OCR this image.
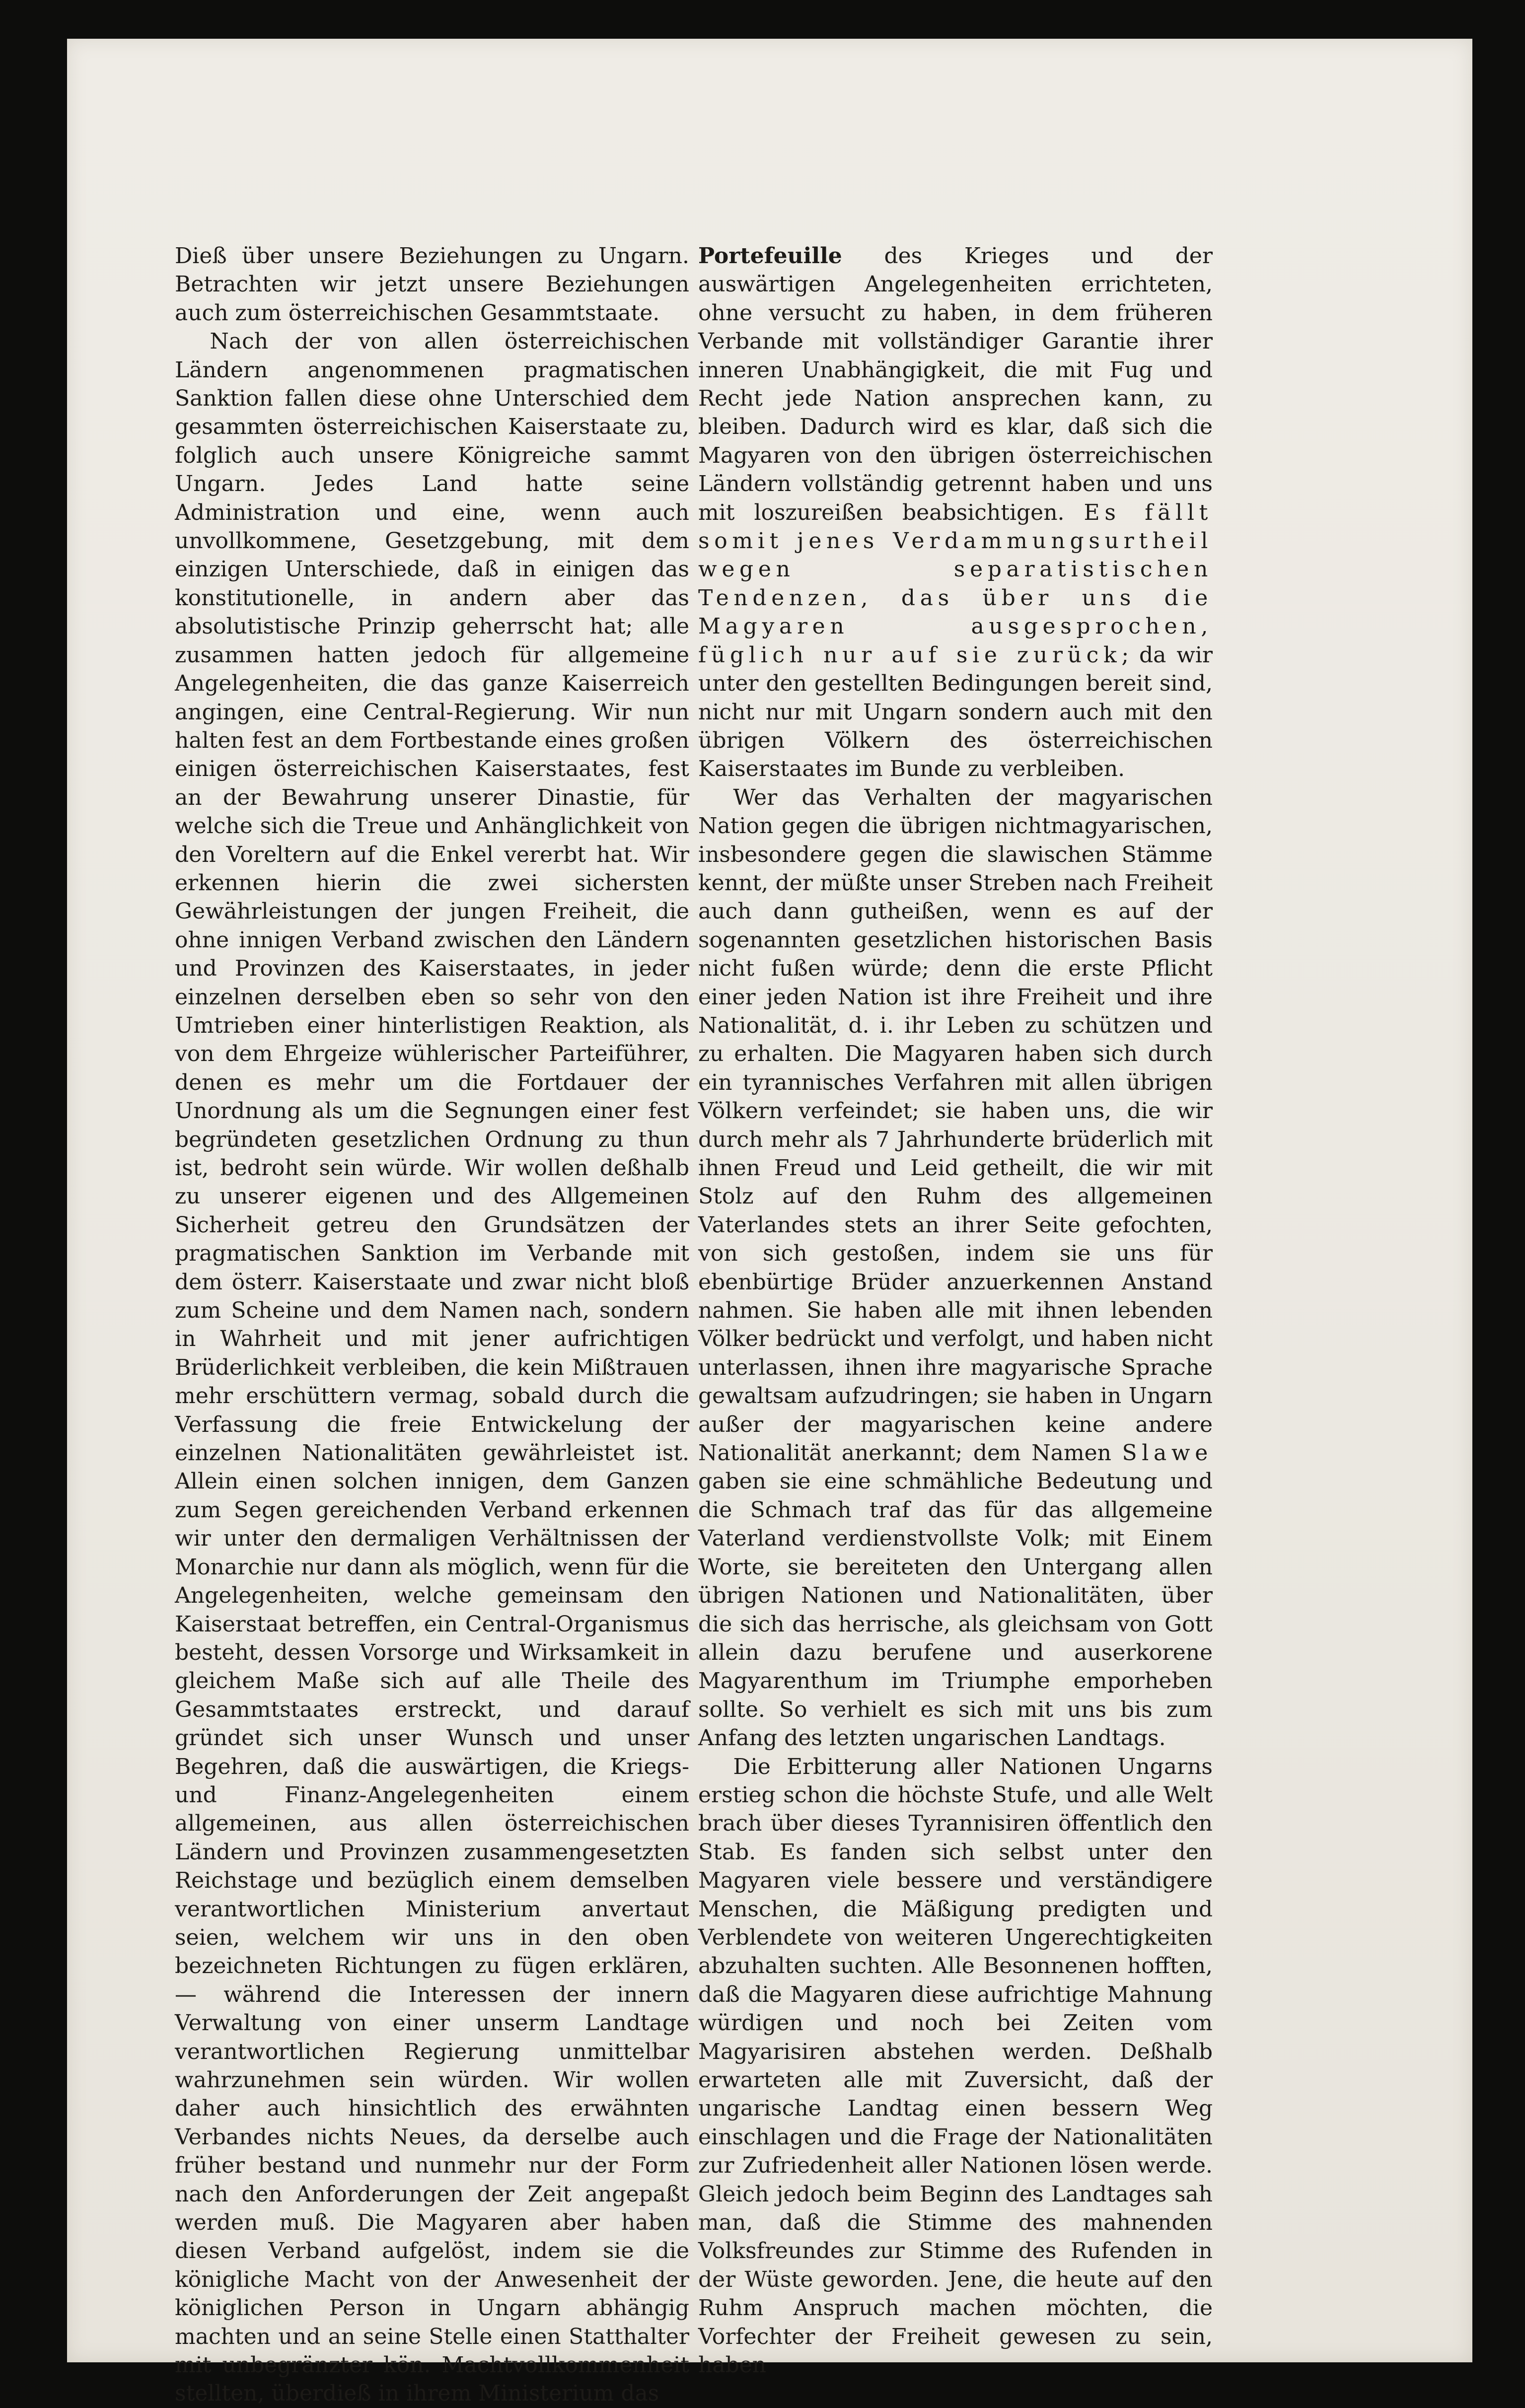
Dieß über unsere Beziehungen zu Ungarn. Betrachten wir jetzt unsere Beziehungen auch zum österreichischen Gesammtstaate.

Nach der von allen österreichischen Ländern angenommenen pragmatischen Sanktion fallen diese ohne Unterschied dem gesammten österreichischen Kaiserstaate zu, folglich auch unsere Königreiche sammt Ungarn. Jedes Land hatte seine Administration und eine, wenn auch unvollkommene, Gesetzgebung, mit dem einzigen Unterschiede, daß in einigen das konstitutionelle, in andern aber das absolutistische Prinzip geherrscht hat; alle zusammen hatten jedoch für allgemeine Angelegenheiten, die das ganze Kaiserreich angingen, eine Central-Regierung. Wir nun halten fest an dem Fortbestande eines großen einigen österreichischen Kaiserstaates, fest an der Bewahrung unserer Dinastie, für welche sich die Treue und Anhänglichkeit von den Voreltern auf die Enkel vererbt hat. Wir erkennen hierin die zwei sichersten Gewährleistungen der jungen Freiheit, die ohne innigen Verband zwischen den Ländern und Provinzen des Kaiserstaates, in jeder einzelnen derselben eben so sehr von den Umtrieben einer hinterlistigen Reaktion, als von dem Ehrgeize wühlerischer Parteiführer, denen es mehr um die Fortdauer der Unordnung als um die Segnungen einer fest begründeten gesetzlichen Ordnung zu thun ist, bedroht sein würde. Wir wollen deßhalb zu unserer eigenen und des Allgemeinen Sicherheit getreu den Grundsätzen der pragmatischen Sanktion im Verbande mit dem österr. Kaiserstaate und zwar nicht bloß zum Scheine und dem Namen nach, sondern in Wahrheit und mit jener aufrichtigen Brüderlichkeit verbleiben, die kein Mißtrauen mehr erschüttern vermag, sobald durch die Verfassung die freie Entwickelung der einzelnen Nationalitäten gewährleistet ist. Allein einen solchen innigen, dem Ganzen zum Segen gereichenden Verband erkennen wir unter den dermaligen Verhältnissen der Monarchie nur dann als möglich, wenn für die Angelegenheiten, welche gemeinsam den Kaiserstaat betreffen, ein Central-Organismus besteht, dessen Vorsorge und Wirksamkeit in gleichem Maße sich auf alle Theile des Gesammtstaates erstreckt, und darauf gründet sich unser Wunsch und unser Begehren, daß die auswärtigen, die Kriegs- und Finanz-Angelegenheiten einem allgemeinen, aus allen österreichischen Ländern und Provinzen zusammengesetzten Reichstage und bezüglich einem demselben verantwortlichen Ministerium anvertaut seien, welchem wir uns in den oben bezeichneten Richtungen zu fügen erklären, — während die Interessen der innern Verwaltung von einer unserm Landtage verantwortlichen Regierung unmittelbar wahrzunehmen sein würden. Wir wollen daher auch hinsichtlich des erwähnten Verbandes nichts Neues, da derselbe auch früher bestand und nunmehr nur der Form nach den Anforderungen der Zeit angepaßt werden muß. Die Magyaren aber haben diesen Verband aufgelöst, indem sie die königliche Macht von der Anwesenheit der königlichen Person in Ungarn abhängig machten und an seine Stelle einen Statthalter mit unbegränzter kön. Machtvollkommenheit stellten, überdieß in ihrem Ministerium das

Portefeuille des Krieges und der auswärtigen Angelegenheiten errichteten, ohne versucht zu haben, in dem früheren Verbande mit vollständiger Garantie ihrer inneren Unabhängigkeit, die mit Fug und Recht jede Nation ansprechen kann, zu bleiben. Dadurch wird es klar, daß sich die Magyaren von den übrigen österreichischen Ländern vollständig getrennt haben und uns mit loszureißen beabsichtigen. Es fällt somit jenes Verdammungsurtheil wegen separatistischen Tendenzen, das über uns die Magyaren ausgesprochen, füglich nur auf sie zurück; da wir unter den gestellten Bedingungen bereit sind, nicht nur mit Ungarn sondern auch mit den übrigen Völkern des österreichischen Kaiserstaates im Bunde zu verbleiben.

Wer das Verhalten der magyarischen Nation gegen die übrigen nichtmagyarischen, insbesondere gegen die slawischen Stämme kennt, der müßte unser Streben nach Freiheit auch dann gutheißen, wenn es auf der sogenannten gesetzlichen historischen Basis nicht fußen würde; denn die erste Pflicht einer jeden Nation ist ihre Freiheit und ihre Nationalität, d. i. ihr Leben zu schützen und zu erhalten. Die Magyaren haben sich durch ein tyrannisches Verfahren mit allen übrigen Völkern verfeindet; sie haben uns, die wir durch mehr als 7 Jahrhunderte brüderlich mit ihnen Freud und Leid getheilt, die wir mit Stolz auf den Ruhm des allgemeinen Vaterlandes stets an ihrer Seite gefochten, von sich gestoßen, indem sie uns für ebenbürtige Brüder anzuerkennen Anstand nahmen. Sie haben alle mit ihnen lebenden Völker bedrückt und verfolgt, und haben nicht unterlassen, ihnen ihre magyarische Sprache gewaltsam aufzudringen; sie haben in Ungarn außer der magyarischen keine andere Nationalität anerkannt; dem Namen Slawe gaben sie eine schmähliche Bedeutung und die Schmach traf das für das allgemeine Vaterland verdienstvollste Volk; mit Einem Worte, sie bereiteten den Untergang allen übrigen Nationen und Nationalitäten, über die sich das herrische, als gleichsam von Gott allein dazu berufene und auserkorene Magyarenthum im Triumphe emporheben sollte. So verhielt es sich mit uns bis zum Anfang des letzten ungarischen Landtags.

Die Erbitterung aller Nationen Ungarns erstieg schon die höchste Stufe, und alle Welt brach über dieses Tyrannisiren öffentlich den Stab. Es fanden sich selbst unter den Magyaren viele bessere und verständigere Menschen, die Mäßigung predigten und Verblendete von weiteren Ungerechtigkeiten abzuhalten suchten. Alle Besonnenen hofften, daß die Magyaren diese aufrichtige Mahnung würdigen und noch bei Zeiten vom Magyarisiren abstehen werden. Deßhalb erwarteten alle mit Zuversicht, daß der ungarische Landtag einen bessern Weg einschlagen und die Frage der Nationalitäten zur Zufriedenheit aller Nationen lösen werde. Gleich jedoch beim Beginn des Landtages sah man, daß die Stimme des mahnenden Volksfreundes zur Stimme des Rufenden in der Wüste geworden. Jene, die heute auf den Ruhm Anspruch machen möchten, die Vorfechter der Freiheit gewesen zu sein, haben
